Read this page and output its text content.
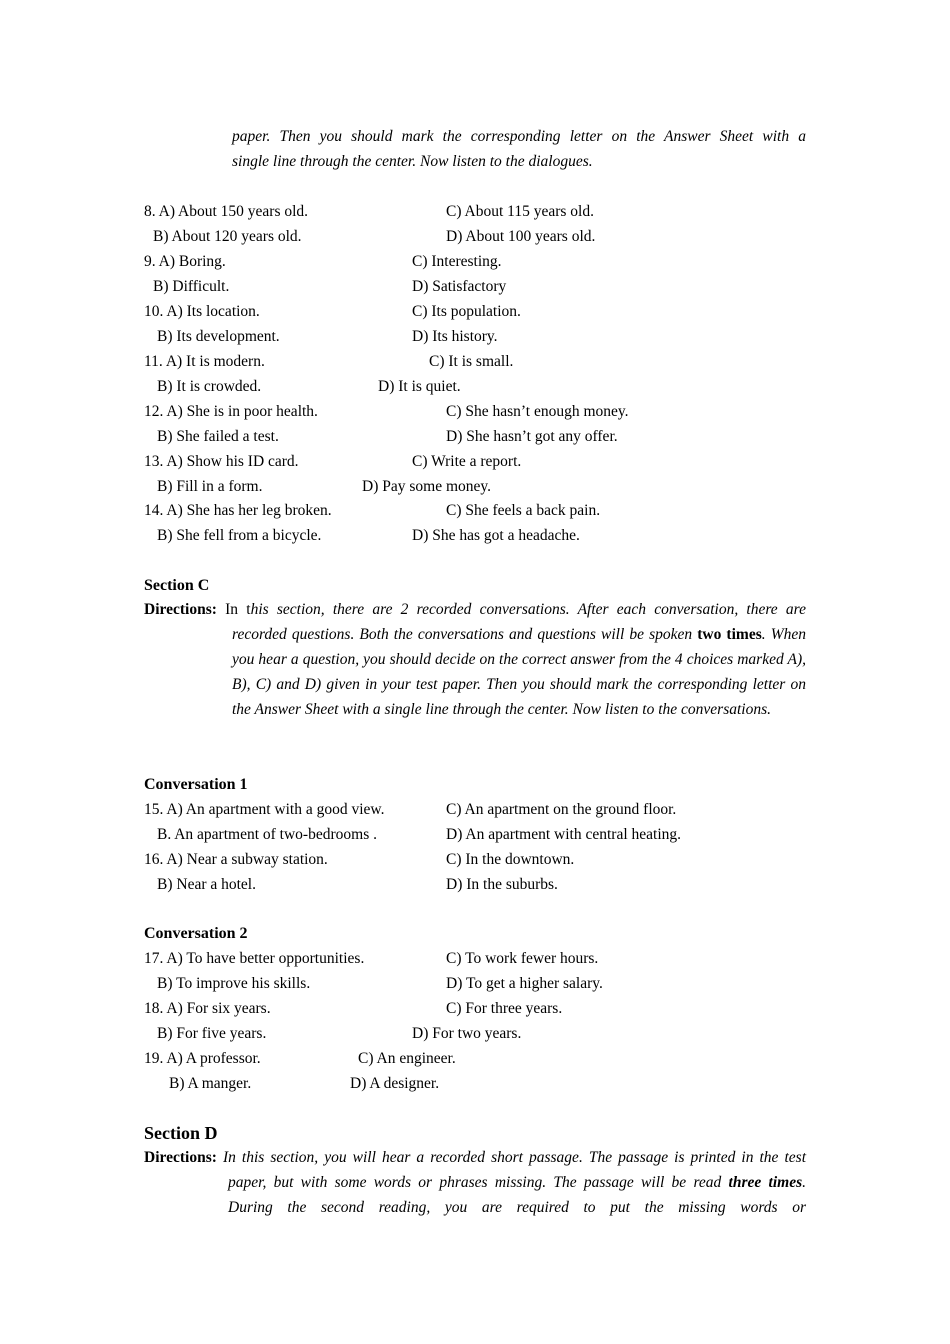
paper. Then you should mark the corresponding letter on the Answer Sheet with a
single line through the center. Now listen to the dialogues.
8. A) About 150 years old.	C) About 115 years old.
B) About 120 years old.	D) About 100 years old.
9. A) Boring.	C) Interesting.
B) Difficult.	D) Satisfactory
10. A) Its location.	C) Its population.
B) Its development.	D) Its history.
11. A) It is modern.	C) It is small.
B) It is crowded.	D) It is quiet.
12. A) She is in poor health.	C) She hasn’t enough money.
B) She failed a test.	D) She hasn’t got any offer.
13. A) Show his ID card.	C) Write a report.
B) Fill in a form.	D) Pay some money.
14. A) She has her leg broken.	C) She feels a back pain.
B) She fell from a bicycle.	D) She has got a headache.
Section C

Directions: In this section, there are 2 recorded conversations. After each conversation, there are recorded questions. Both the conversations and questions will be spoken two times. When you hear a question, you should decide on the correct answer from the 4 choices marked A), B), C) and D) given in your test paper. Then you should mark the corresponding letter on the Answer Sheet with a single line through the center. Now listen to the conversations.

Conversation 1
15. A) An apartment with a good view.	C) An apartment on the ground floor.
B. An apartment of two-bedrooms .	D) An apartment with central heating.
16. A) Near a subway station.	C) In the downtown.
B) Near a hotel.	D) In the suburbs.
Conversation 2
17. A) To have better opportunities.	C) To work fewer hours.
B) To improve his skills.	D) To get a higher salary.
18. A) For six years.	C) For three years.
B) For five years.	D) For two years.
19. A) A professor.	C) An engineer.
B) A manger.	D) A designer.
Section D

Directions: In this section, you will hear a recorded short passage. The passage is printed in the test paper, but with some words or phrases missing. The passage will be read three times. During the second reading, you are required to put the missing words or
